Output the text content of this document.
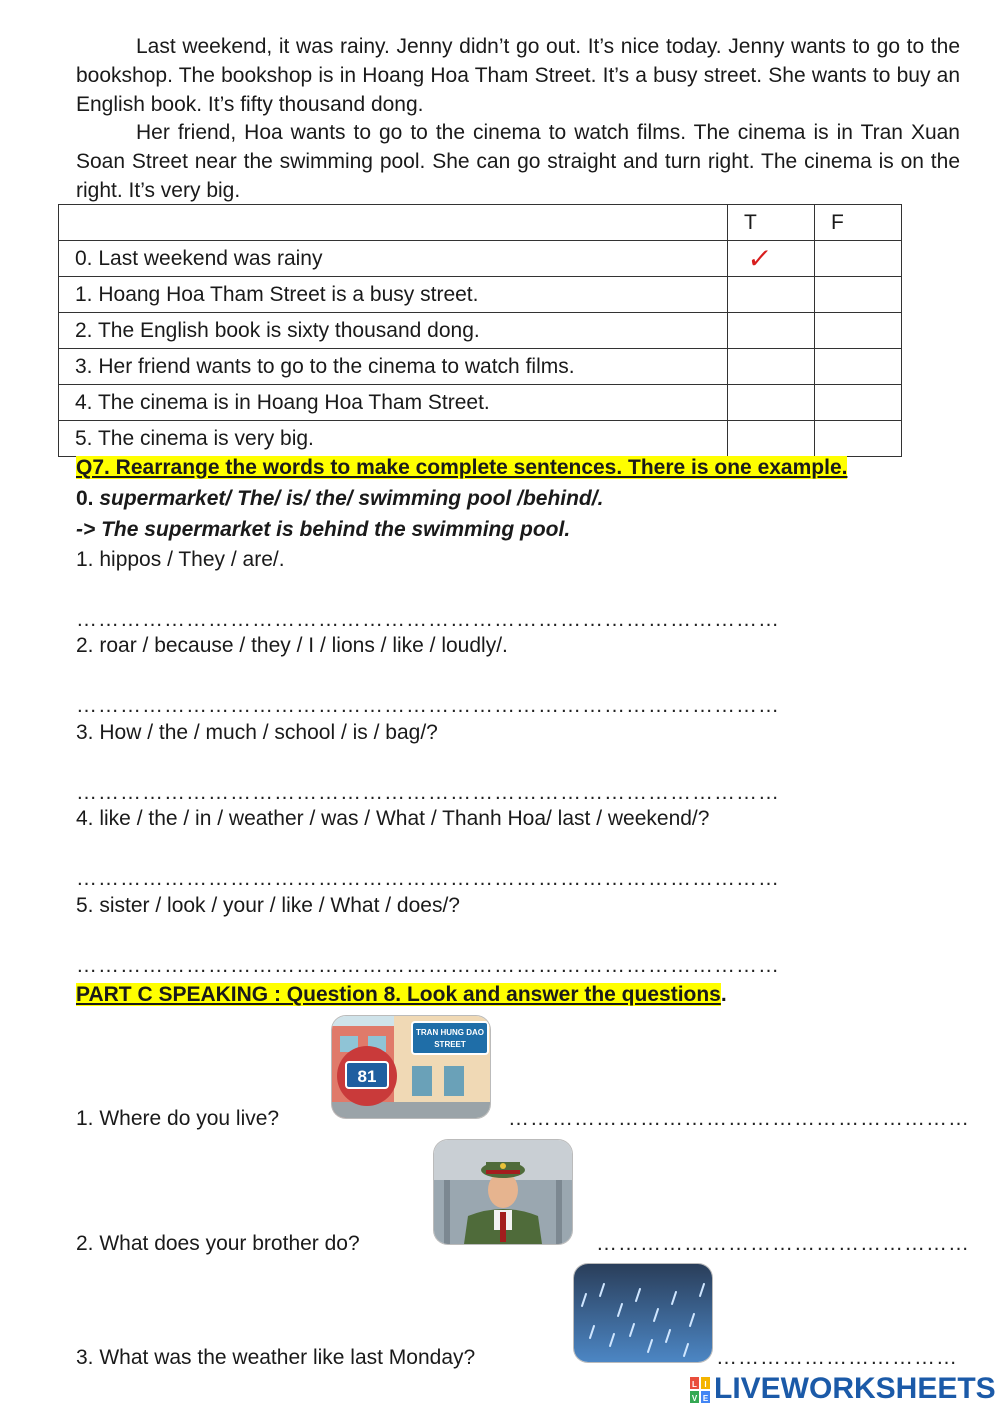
Last weekend, it was rainy. Jenny didn’t go out. It’s nice today. Jenny wants to go to the bookshop. The bookshop is in Hoang Hoa Tham Street. It’s a busy street. She wants to buy an English book. It’s fifty thousand dong.

Her friend, Hoa wants to go to the cinema to watch films. The cinema is in Tran Xuan Soan Street near the swimming pool. She can go straight and turn right. The cinema is on the right. It’s very big.

	T	F
0. Last weekend was rainy	✓	
1. Hoang Hoa Tham Street is a busy street.		
2. The English book is sixty thousand dong.		
3. Her friend wants to go to the cinema to watch films.		
4. The cinema is in Hoang Hoa Tham Street.		
5. The cinema is very big.		

Q7. Rearrange the words to make complete sentences. There is one example.

0. supermarket/ The/ is/ the/ swimming pool /behind/.

-> The supermarket is behind the swimming pool.

1. hippos / They / are/.

……………………………………………………………………………………

2. roar / because / they / I / lions / like / loudly/.

……………………………………………………………………………………

3. How / the / much / school / is / bag/?

……………………………………………………………………………………

4. like / the / in / weather / was / What / Thanh Hoa/ last / weekend/?

……………………………………………………………………………………

5. sister / look / your / like / What / does/?

……………………………………………………………………………………

PART C SPEAKING : Question 8. Look and answer the questions.

TRAN HUNG DAO
STREET
81

1. Where do you live?	………………………………………………………

2. What does your brother do?	……………………………………………

3. What was the weather like last Monday?	……………………………

L I
V E LIVEWORKSHEETS
